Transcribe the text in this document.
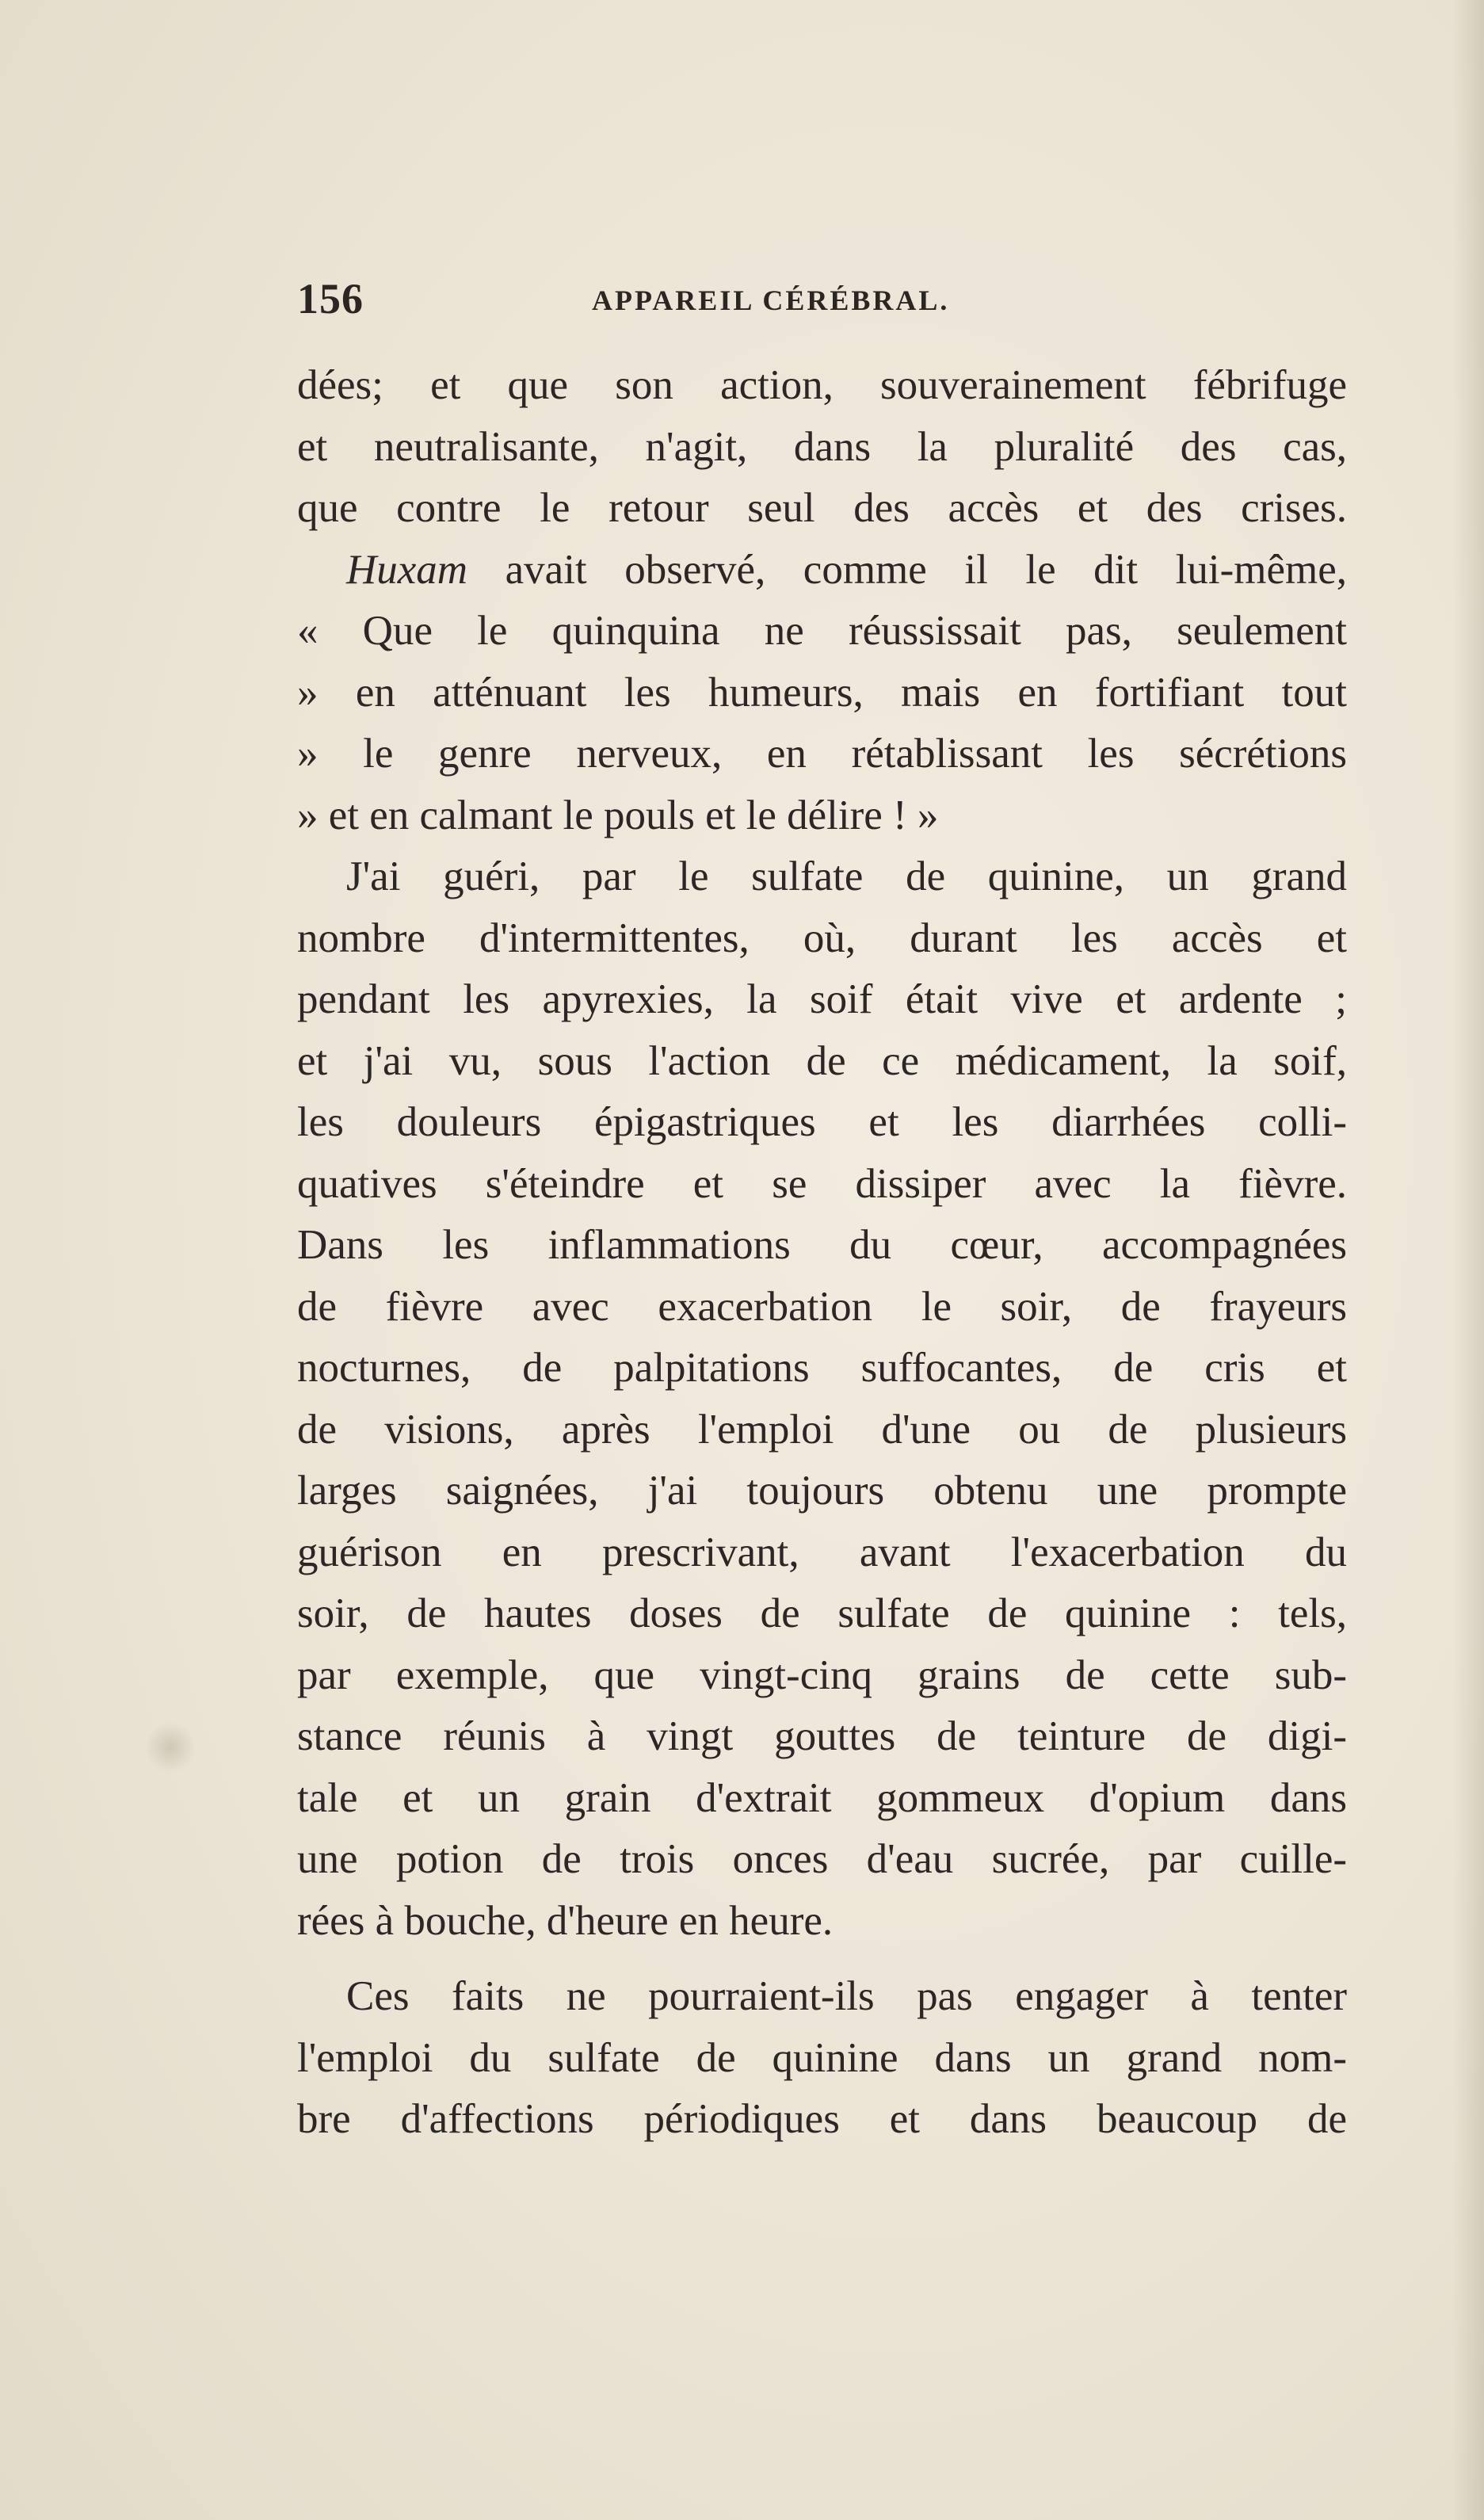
156	APPAREIL CÉRÉBRAL.
dées; et que son action, souverainement fébrifuge
et neutralisante, n'agit, dans la pluralité des cas,
que contre le retour seul des accès et des crises.
Huxam avait observé, comme il le dit lui-même,
« Que le quinquina ne réussissait pas, seulement
» en atténuant les humeurs, mais en fortifiant tout
» le genre nerveux, en rétablissant les sécrétions
» et en calmant le pouls et le délire ! »
J'ai guéri, par le sulfate de quinine, un grand
nombre d'intermittentes, où, durant les accès et
pendant les apyrexies, la soif était vive et ardente ;
et j'ai vu, sous l'action de ce médicament, la soif,
les douleurs épigastriques et les diarrhées colli-
quatives s'éteindre et se dissiper avec la fièvre.
Dans les inflammations du cœur, accompagnées
de fièvre avec exacerbation le soir, de frayeurs
nocturnes, de palpitations suffocantes, de cris et
de visions, après l'emploi d'une ou de plusieurs
larges saignées, j'ai toujours obtenu une prompte
guérison en prescrivant, avant l'exacerbation du
soir, de hautes doses de sulfate de quinine : tels,
par exemple, que vingt-cinq grains de cette sub-
stance réunis à vingt gouttes de teinture de digi-
tale et un grain d'extrait gommeux d'opium dans
une potion de trois onces d'eau sucrée, par cuille-
rées à bouche, d'heure en heure.
Ces faits ne pourraient-ils pas engager à tenter
l'emploi du sulfate de quinine dans un grand nom-
bre d'affections périodiques et dans beaucoup de
